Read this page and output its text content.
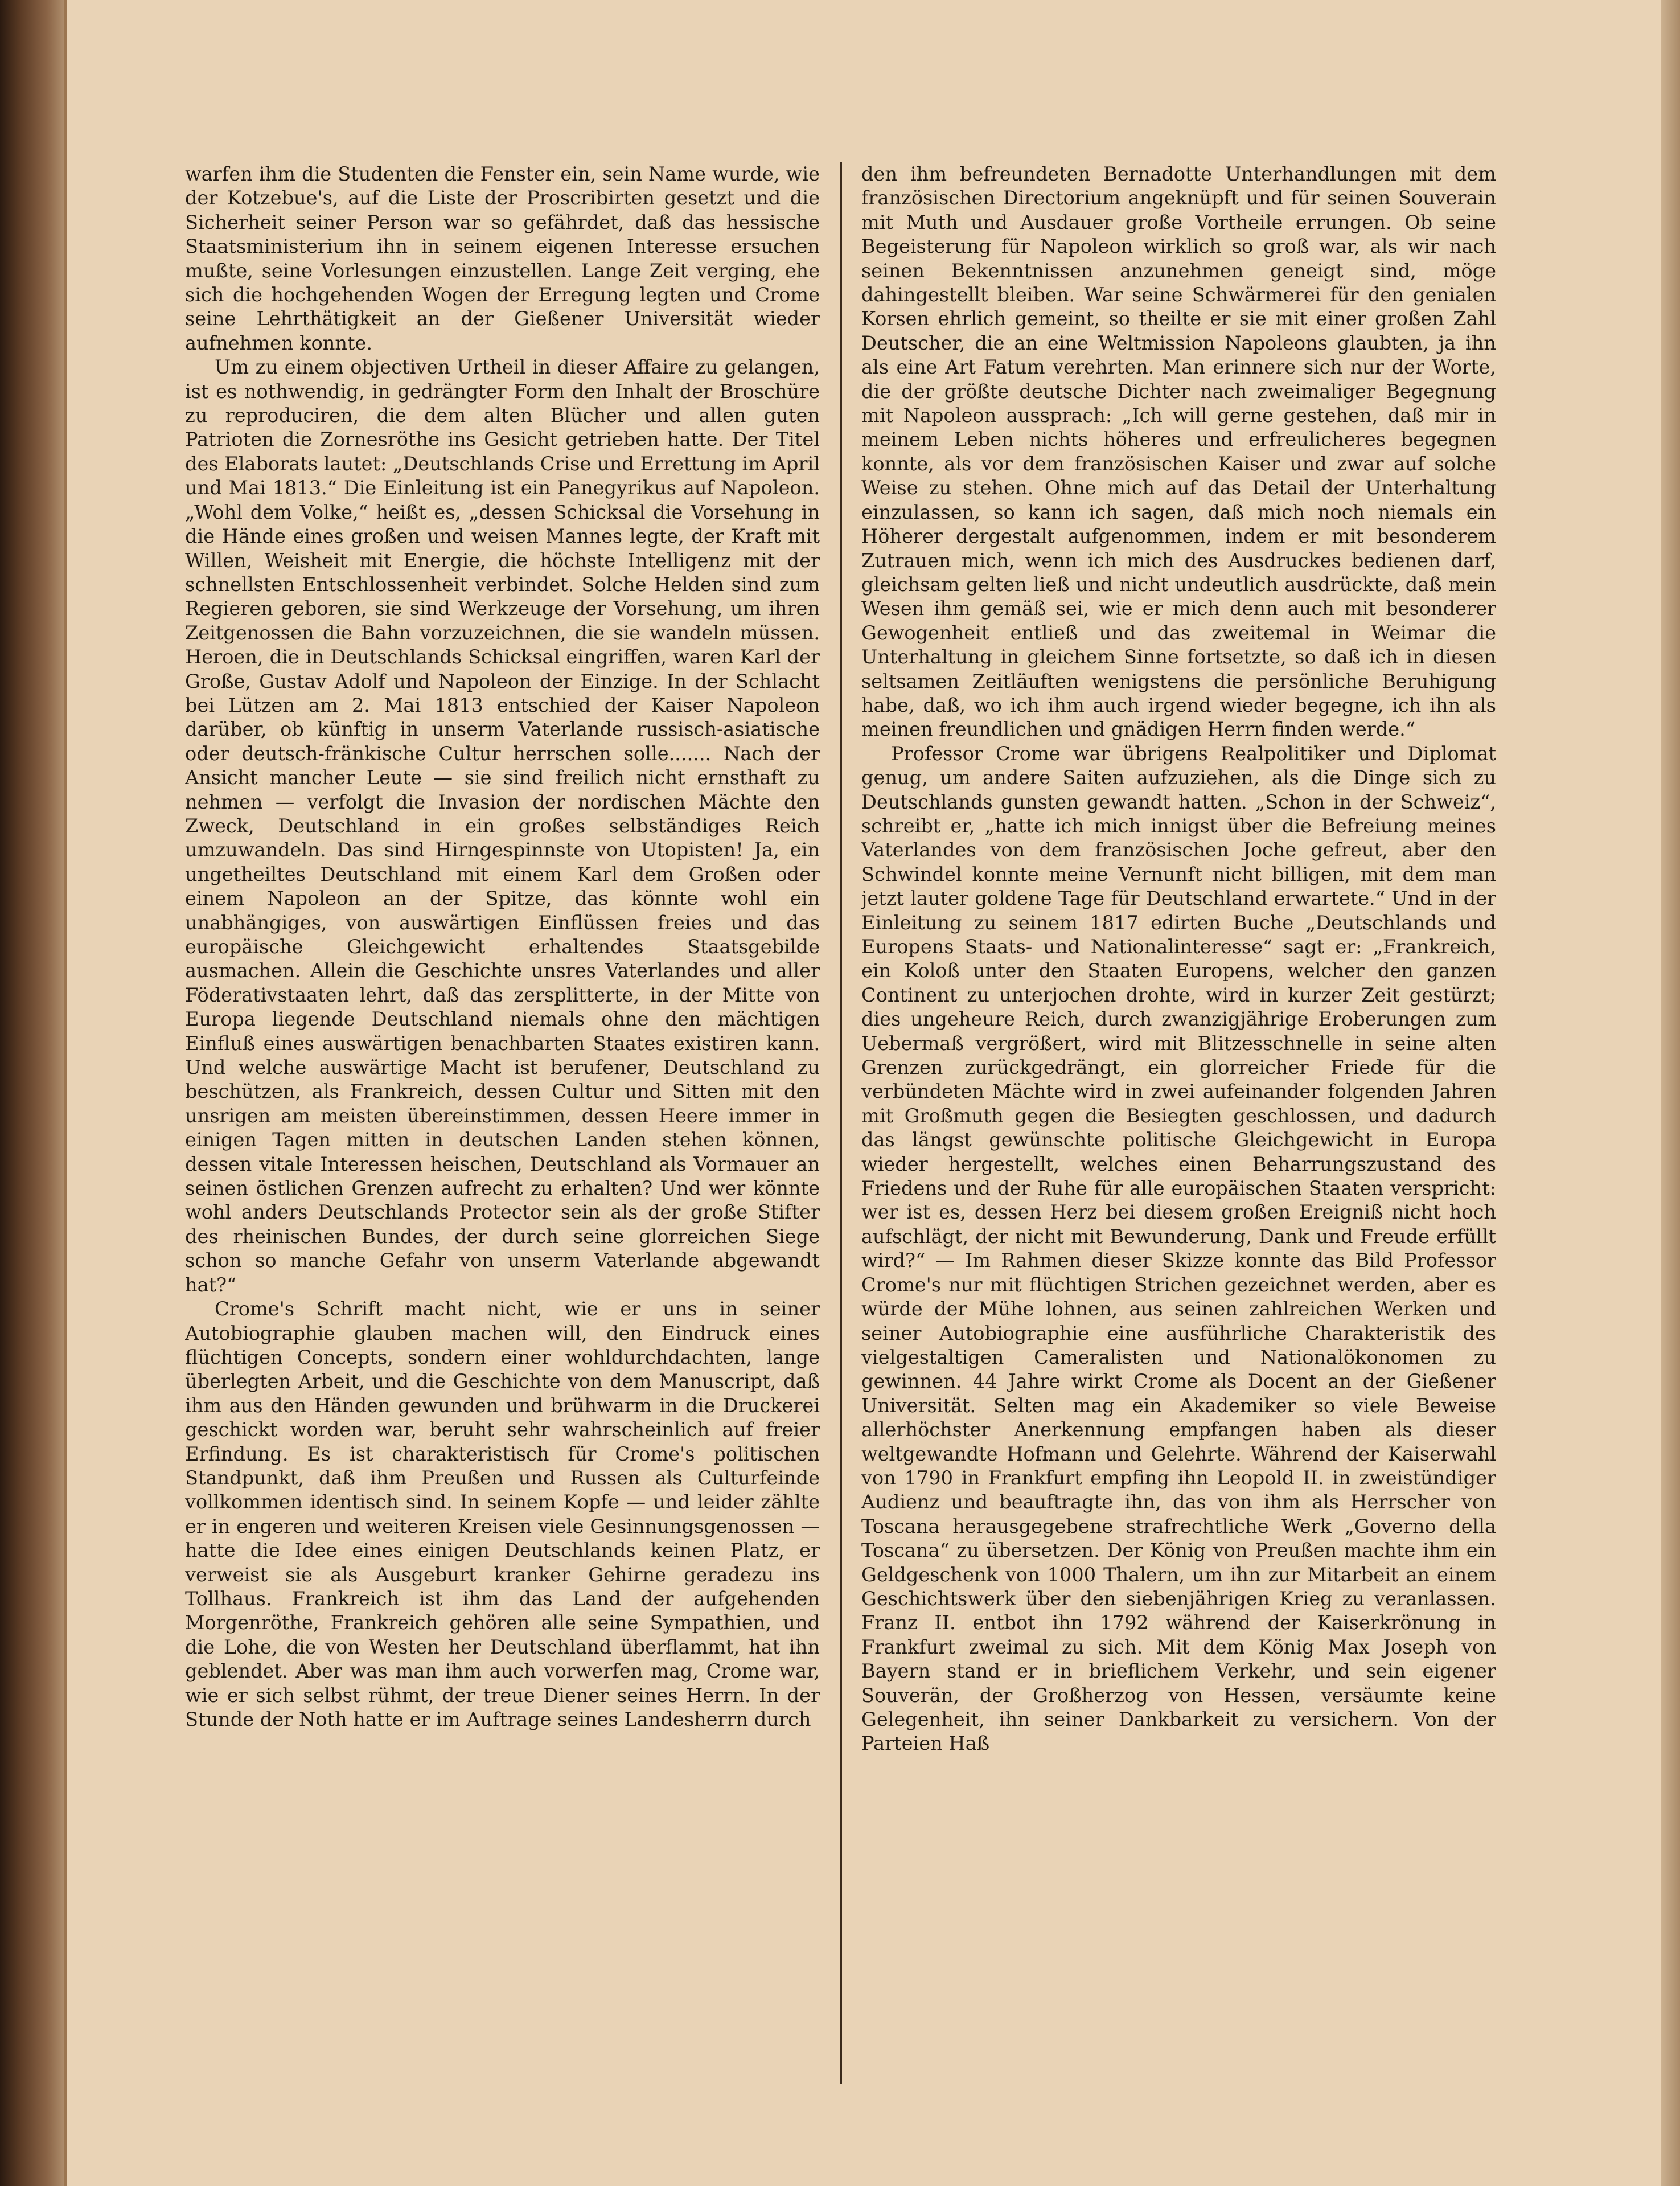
warfen ihm die Studenten die Fenster ein, sein Name wurde, wie der Kotzebue's, auf die Liste der Proscribirten gesetzt und die Sicherheit seiner Person war so gefährdet, daß das hessische Staatsministerium ihn in seinem eigenen Interesse ersuchen mußte, seine Vorlesungen einzustellen. Lange Zeit verging, ehe sich die hochgehenden Wogen der Erregung legten und Crome seine Lehrthätigkeit an der Gießener Universität wieder aufnehmen konnte.

Um zu einem objectiven Urtheil in dieser Affaire zu gelangen, ist es nothwendig, in gedrängter Form den Inhalt der Broschüre zu reproduciren, die dem alten Blücher und allen guten Patrioten die Zornesröthe ins Gesicht getrieben hatte. Der Titel des Elaborats lautet: „Deutschlands Crise und Errettung im April und Mai 1813.“ Die Einleitung ist ein Panegyrikus auf Napoleon. „Wohl dem Volke,“ heißt es, „dessen Schicksal die Vorsehung in die Hände eines großen und weisen Mannes legte, der Kraft mit Willen, Weisheit mit Energie, die höchste Intelligenz mit der schnellsten Entschlossenheit verbindet. Solche Helden sind zum Regieren geboren, sie sind Werkzeuge der Vorsehung, um ihren Zeitgenossen die Bahn vorzuzeichnen, die sie wandeln müssen. Heroen, die in Deutschlands Schicksal eingriffen, waren Karl der Große, Gustav Adolf und Napoleon der Einzige. In der Schlacht bei Lützen am 2. Mai 1813 entschied der Kaiser Napoleon darüber, ob künftig in unserm Vaterlande russisch-asiatische oder deutsch-fränkische Cultur herrschen solle....... Nach der Ansicht mancher Leute — sie sind freilich nicht ernsthaft zu nehmen — verfolgt die Invasion der nordischen Mächte den Zweck, Deutschland in ein großes selbständiges Reich umzuwandeln. Das sind Hirngespinnste von Utopisten! Ja, ein ungetheiltes Deutschland mit einem Karl dem Großen oder einem Napoleon an der Spitze, das könnte wohl ein unabhängiges, von auswärtigen Einflüssen freies und das europäische Gleichgewicht erhaltendes Staatsgebilde ausmachen. Allein die Geschichte unsres Vaterlandes und aller Föderativstaaten lehrt, daß das zersplitterte, in der Mitte von Europa liegende Deutschland niemals ohne den mächtigen Einfluß eines auswärtigen benachbarten Staates existiren kann. Und welche auswärtige Macht ist berufener, Deutschland zu beschützen, als Frankreich, dessen Cultur und Sitten mit den unsrigen am meisten übereinstimmen, dessen Heere immer in einigen Tagen mitten in deutschen Landen stehen können, dessen vitale Interessen heischen, Deutschland als Vormauer an seinen östlichen Grenzen aufrecht zu erhalten? Und wer könnte wohl anders Deutschlands Protector sein als der große Stifter des rheinischen Bundes, der durch seine glorreichen Siege schon so manche Gefahr von unserm Vaterlande abgewandt hat?“

Crome's Schrift macht nicht, wie er uns in seiner Autobiographie glauben machen will, den Eindruck eines flüchtigen Concepts, sondern einer wohldurchdachten, lange überlegten Arbeit, und die Geschichte von dem Manuscript, daß ihm aus den Händen gewunden und brühwarm in die Druckerei geschickt worden war, beruht sehr wahrscheinlich auf freier Erfindung. Es ist charakteristisch für Crome's politischen Standpunkt, daß ihm Preußen und Russen als Culturfeinde vollkommen identisch sind. In seinem Kopfe — und leider zählte er in engeren und weiteren Kreisen viele Gesinnungsgenossen — hatte die Idee eines einigen Deutschlands keinen Platz, er verweist sie als Ausgeburt kranker Gehirne geradezu ins Tollhaus. Frankreich ist ihm das Land der aufgehenden Morgenröthe, Frankreich gehören alle seine Sympathien, und die Lohe, die von Westen her Deutschland überflammt, hat ihn geblendet. Aber was man ihm auch vorwerfen mag, Crome war, wie er sich selbst rühmt, der treue Diener seines Herrn. In der Stunde der Noth hatte er im Auftrage seines Landesherrn durch

den ihm befreundeten Bernadotte Unterhandlungen mit dem französischen Directorium angeknüpft und für seinen Souverain mit Muth und Ausdauer große Vortheile errungen. Ob seine Begeisterung für Napoleon wirklich so groß war, als wir nach seinen Bekenntnissen anzunehmen geneigt sind, möge dahingestellt bleiben. War seine Schwärmerei für den genialen Korsen ehrlich gemeint, so theilte er sie mit einer großen Zahl Deutscher, die an eine Weltmission Napoleons glaubten, ja ihn als eine Art Fatum verehrten. Man erinnere sich nur der Worte, die der größte deutsche Dichter nach zweimaliger Begegnung mit Napoleon aussprach: „Ich will gerne gestehen, daß mir in meinem Leben nichts höheres und erfreulicheres begegnen konnte, als vor dem französischen Kaiser und zwar auf solche Weise zu stehen. Ohne mich auf das Detail der Unterhaltung einzulassen, so kann ich sagen, daß mich noch niemals ein Höherer dergestalt aufgenommen, indem er mit besonderem Zutrauen mich, wenn ich mich des Ausdruckes bedienen darf, gleichsam gelten ließ und nicht undeutlich ausdrückte, daß mein Wesen ihm gemäß sei, wie er mich denn auch mit besonderer Gewogenheit entließ und das zweitemal in Weimar die Unterhaltung in gleichem Sinne fortsetzte, so daß ich in diesen seltsamen Zeitläuften wenigstens die persönliche Beruhigung habe, daß, wo ich ihm auch irgend wieder begegne, ich ihn als meinen freundlichen und gnädigen Herrn finden werde.“

Professor Crome war übrigens Realpolitiker und Diplomat genug, um andere Saiten aufzuziehen, als die Dinge sich zu Deutschlands gunsten gewandt hatten. „Schon in der Schweiz“, schreibt er, „hatte ich mich innigst über die Befreiung meines Vaterlandes von dem französischen Joche gefreut, aber den Schwindel konnte meine Vernunft nicht billigen, mit dem man jetzt lauter goldene Tage für Deutschland erwartete.“ Und in der Einleitung zu seinem 1817 edirten Buche „Deutschlands und Europens Staats- und Nationalinteresse“ sagt er: „Frankreich, ein Koloß unter den Staaten Europens, welcher den ganzen Continent zu unterjochen drohte, wird in kurzer Zeit gestürzt; dies ungeheure Reich, durch zwanzigjährige Eroberungen zum Uebermaß vergrößert, wird mit Blitzesschnelle in seine alten Grenzen zurückgedrängt, ein glorreicher Friede für die verbündeten Mächte wird in zwei aufeinander folgenden Jahren mit Großmuth gegen die Besiegten geschlossen, und dadurch das längst gewünschte politische Gleichgewicht in Europa wieder hergestellt, welches einen Beharrungszustand des Friedens und der Ruhe für alle europäischen Staaten verspricht: wer ist es, dessen Herz bei diesem großen Ereigniß nicht hoch aufschlägt, der nicht mit Bewunderung, Dank und Freude erfüllt wird?“ — Im Rahmen dieser Skizze konnte das Bild Professor Crome's nur mit flüchtigen Strichen gezeichnet werden, aber es würde der Mühe lohnen, aus seinen zahlreichen Werken und seiner Autobiographie eine ausführliche Charakteristik des vielgestaltigen Cameralisten und Nationalökonomen zu gewinnen. 44 Jahre wirkt Crome als Docent an der Gießener Universität. Selten mag ein Akademiker so viele Beweise allerhöchster Anerkennung empfangen haben als dieser weltgewandte Hofmann und Gelehrte. Während der Kaiserwahl von 1790 in Frankfurt empfing ihn Leopold II. in zweistündiger Audienz und beauftragte ihn, das von ihm als Herrscher von Toscana herausgegebene strafrechtliche Werk „Governo della Toscana“ zu übersetzen. Der König von Preußen machte ihm ein Geldgeschenk von 1000 Thalern, um ihn zur Mitarbeit an einem Geschichtswerk über den siebenjährigen Krieg zu veranlassen. Franz II. entbot ihn 1792 während der Kaiserkrönung in Frankfurt zweimal zu sich. Mit dem König Max Joseph von Bayern stand er in brieflichem Verkehr, und sein eigener Souverän, der Großherzog von Hessen, versäumte keine Gelegenheit, ihn seiner Dankbarkeit zu versichern. Von der Parteien Haß
